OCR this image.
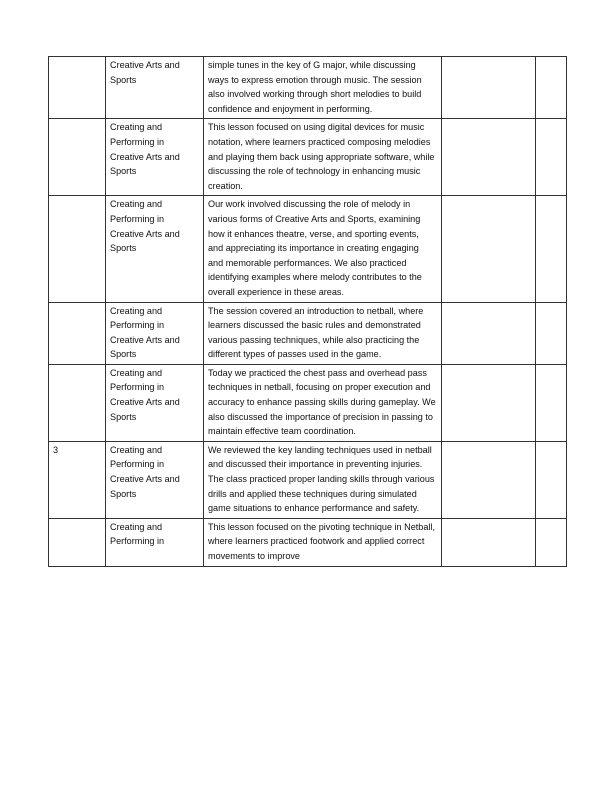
	Creative Arts and Sports	simple tunes in the key of G major, while discussing ways to express emotion through music. The session also involved working through short melodies to build confidence and enjoyment in performing.		
	Creating and Performing in Creative Arts and Sports	This lesson focused on using digital devices for music notation, where learners practiced composing melodies and playing them back using appropriate software, while discussing the role of technology in enhancing music creation.		
	Creating and Performing in Creative Arts and Sports	Our work involved discussing the role of melody in various forms of Creative Arts and Sports, examining how it enhances theatre, verse, and sporting events, and appreciating its importance in creating engaging and memorable performances. We also practiced identifying examples where melody contributes to the overall experience in these areas.		
	Creating and Performing in Creative Arts and Sports	The session covered an introduction to netball, where learners discussed the basic rules and demonstrated various passing techniques, while also practicing the different types of passes used in the game.		
	Creating and Performing in Creative Arts and Sports	Today we practiced the chest pass and overhead pass techniques in netball, focusing on proper execution and accuracy to enhance passing skills during gameplay. We also discussed the importance of precision in passing to maintain effective team coordination.		
3	Creating and Performing in Creative Arts and Sports	We reviewed the key landing techniques used in netball and discussed their importance in preventing injuries. The class practiced proper landing skills through various drills and applied these techniques during simulated game situations to enhance performance and safety.		
	Creating and Performing in	This lesson focused on the pivoting technique in Netball, where learners practiced footwork and applied correct movements to improve		
